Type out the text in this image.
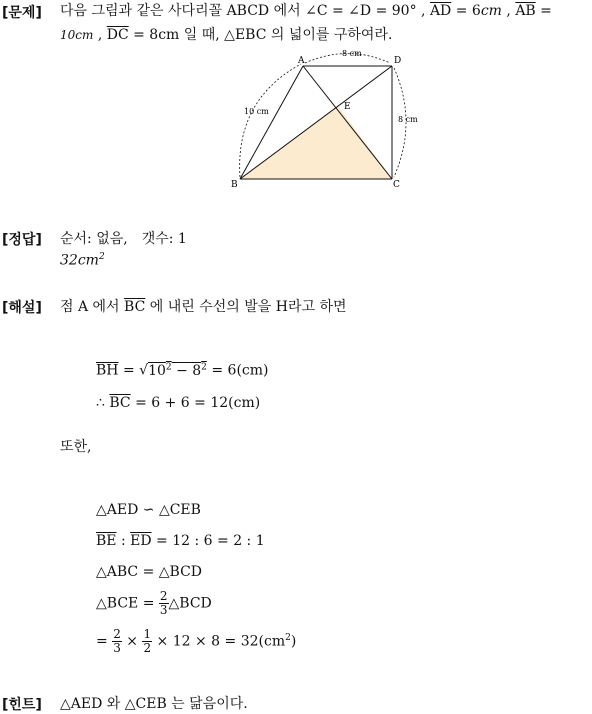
[문제] 다음 그림과 같은 사다리꼴 ABCD 에서 ∠C = ∠D = 90° , $\overline{AD} = 6cm$ , $\overline{AB}$ =
10cm , $\overline{DC} = 8cm$ 일 때, △EBC 의 넓이를 구하여라.
A	D
B	C
E
10 cm
8 cm
8 cm
[정답] 순서: 없음,　갯수: 1
$32cm^2$
[해설] 점 A 에서 $\overline{BC}$ 에 내린 수선의 발을 H라고 하면
$\overline{BH} = √10^2 - 8^2 = 6(cm)$
∴ $\overline{BC} = 6 + 6 = 12(cm)$
또한,
△AED ∽ △CEB
$\overline{BE}$ : $\overline{ED} = 12$ : 6 = 2 : 1
△ABC = △BCD
△BCE = $\frac{2}{3}$ △BCD
= $\frac{2}{3} \times \frac{1}{2} \times 12 \times 8 = 32(cm^2)$
[힌트] △AED 와 △CEB 는 닮음이다.
